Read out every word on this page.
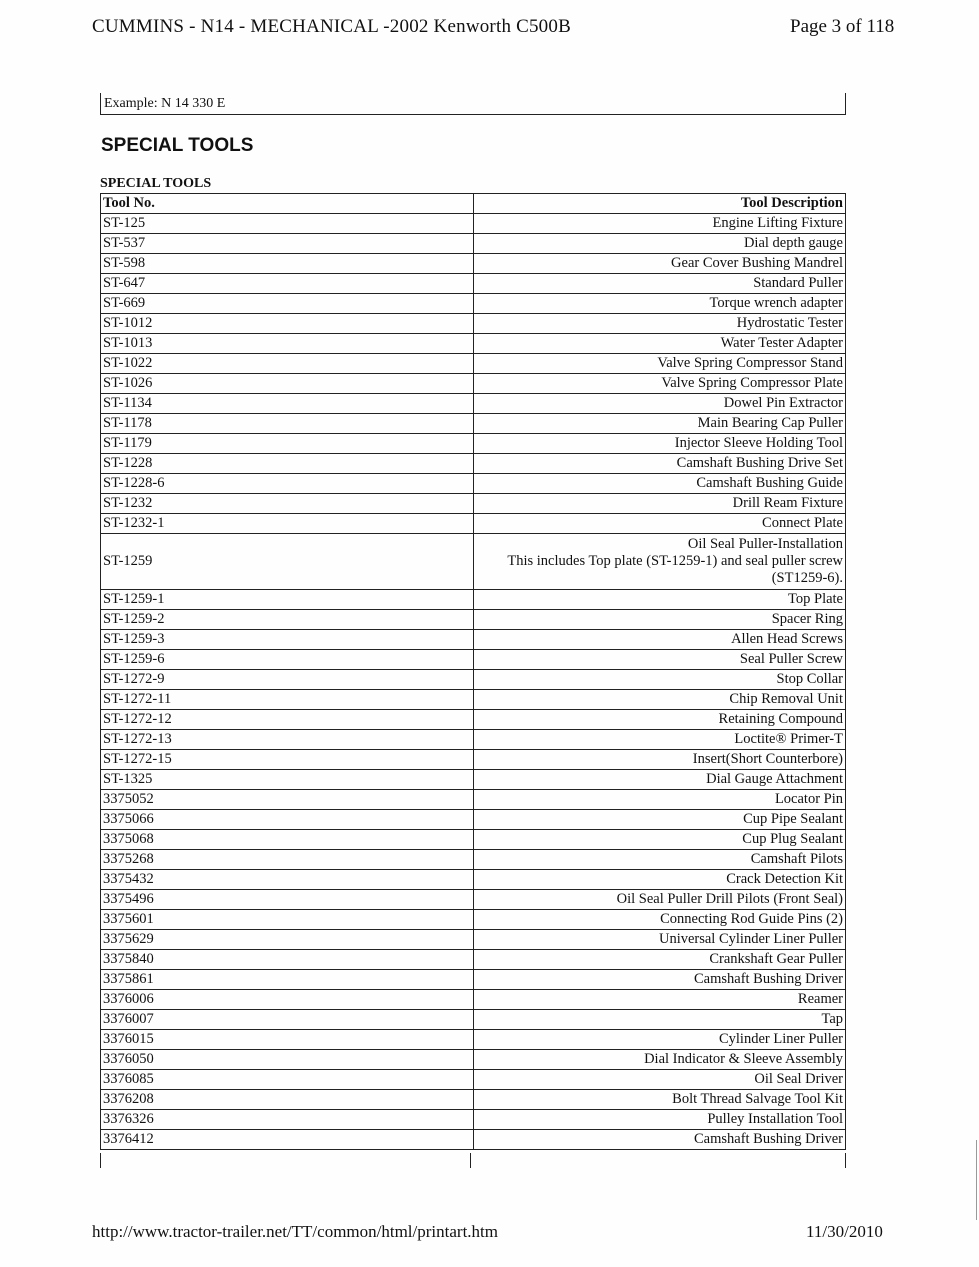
CUMMINS - N14 - MECHANICAL -2002 Kenworth C500B	Page 3 of 118
Example: N 14 330 E
SPECIAL TOOLS
SPECIAL TOOLS
Tool No.	Tool Description
ST-125	Engine Lifting Fixture
ST-537	Dial depth gauge
ST-598	Gear Cover Bushing Mandrel
ST-647	Standard Puller
ST-669	Torque wrench adapter
ST-1012	Hydrostatic Tester
ST-1013	Water Tester Adapter
ST-1022	Valve Spring Compressor Stand
ST-1026	Valve Spring Compressor Plate
ST-1134	Dowel Pin Extractor
ST-1178	Main Bearing Cap Puller
ST-1179	Injector Sleeve Holding Tool
ST-1228	Camshaft Bushing Drive Set
ST-1228-6	Camshaft Bushing Guide
ST-1232	Drill Ream Fixture
ST-1232-1	Connect Plate
ST-1259	Oil Seal Puller-Installation
This includes Top plate (ST-1259-1) and seal puller screw (ST1259-6).

ST-1259-1	Top Plate
ST-1259-2	Spacer Ring
ST-1259-3	Allen Head Screws
ST-1259-6	Seal Puller Screw
ST-1272-9	Stop Collar
ST-1272-11	Chip Removal Unit
ST-1272-12	Retaining Compound
ST-1272-13	Loctite® Primer-T
ST-1272-15	Insert(Short Counterbore)
ST-1325	Dial Gauge Attachment
3375052	Locator Pin
3375066	Cup Pipe Sealant
3375068	Cup Plug Sealant
3375268	Camshaft Pilots
3375432	Crack Detection Kit
3375496	Oil Seal Puller Drill Pilots (Front Seal)
3375601	Connecting Rod Guide Pins (2)
3375629	Universal Cylinder Liner Puller
3375840	Crankshaft Gear Puller
3375861	Camshaft Bushing Driver
3376006	Reamer
3376007	Tap
3376015	Cylinder Liner Puller
3376050	Dial Indicator & Sleeve Assembly
3376085	Oil Seal Driver
3376208	Bolt Thread Salvage Tool Kit
3376326	Pulley Installation Tool
3376412	Camshaft Bushing Driver
http://www.tractor-trailer.net/TT/common/html/printart.htm	11/30/2010
